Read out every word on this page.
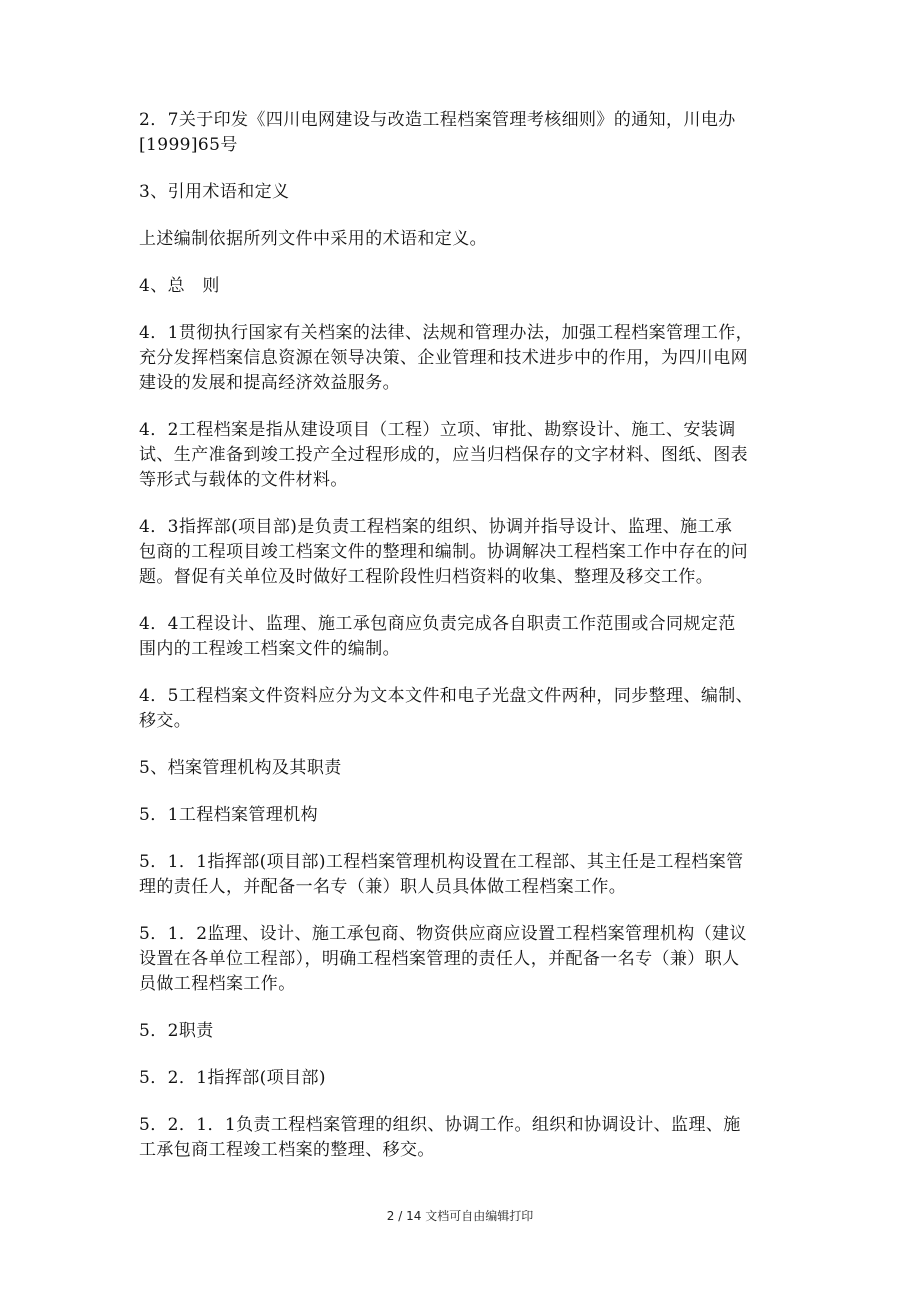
2．7关于印发《四川电网建设与改造工程档案管理考核细则》的通知，川电办
[1999]65号
3、引用术语和定义
上述编制依据所列文件中采用的术语和定义。
4、总　则
4．1贯彻执行国家有关档案的法律、法规和管理办法，加强工程档案管理工作，
充分发挥档案信息资源在领导决策、企业管理和技术进步中的作用，为四川电网
建设的发展和提高经济效益服务。
4．2工程档案是指从建设项目（工程）立项、审批、勘察设计、施工、安装调
试、生产准备到竣工投产全过程形成的，应当归档保存的文字材料、图纸、图表
等形式与载体的文件材料。
4．3指挥部(项目部)是负责工程档案的组织、协调并指导设计、监理、施工承
包商的工程项目竣工档案文件的整理和编制。协调解决工程档案工作中存在的问
题。督促有关单位及时做好工程阶段性归档资料的收集、整理及移交工作。
4．4工程设计、监理、施工承包商应负责完成各自职责工作范围或合同规定范
围内的工程竣工档案文件的编制。
4．5工程档案文件资料应分为文本文件和电子光盘文件两种，同步整理、编制、
移交。
5、档案管理机构及其职责
5．1工程档案管理机构
5．1．1指挥部(项目部)工程档案管理机构设置在工程部、其主任是工程档案管
理的责任人，并配备一名专（兼）职人员具体做工程档案工作。
5．1．2监理、设计、施工承包商、物资供应商应设置工程档案管理机构（建议
设置在各单位工程部），明确工程档案管理的责任人，并配备一名专（兼）职人
员做工程档案工作。
5．2职责
5．2．1指挥部(项目部)
5．2．1．1负责工程档案管理的组织、协调工作。组织和协调设计、监理、施
工承包商工程竣工档案的整理、移交。
2 / 14 文档可自由编辑打印
